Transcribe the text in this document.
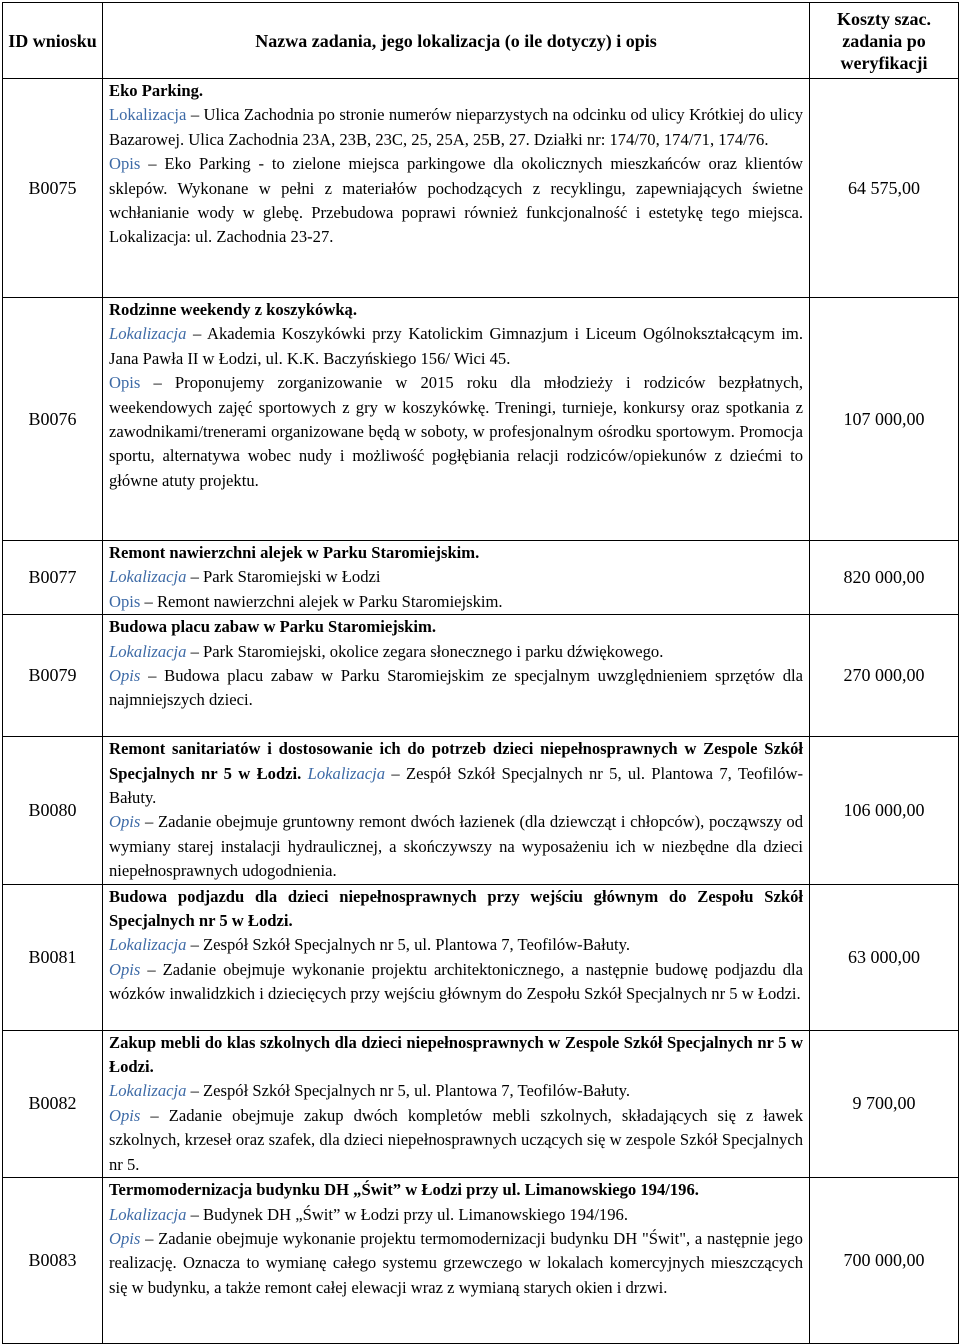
ID wniosku	Nazwa zadania, jego lokalizacja (o ile dotyczy) i opis	Koszty szac. zadania po weryfikacji
B0075	Eko Parking.
Lokalizacja – Ulica Zachodnia po stronie numerów nieparzystych na odcinku od ulicy Krótkiej do ulicy Bazarowej. Ulica Zachodnia 23A, 23B, 23C, 25, 25A, 25B, 27. Działki nr: 174/70, 174/71, 174/76.
Opis – Eko Parking - to zielone miejsca parkingowe dla okolicznych mieszkańców oraz klientów sklepów. Wykonane w pełni z materiałów pochodzących z recyklingu, zapewniających świetne wchłanianie wody w glebę. Przebudowa poprawi również funkcjonalność i estetykę tego miejsca. Lokalizacja: ul. Zachodnia 23-27.	64 575,00
B0076	Rodzinne weekendy z koszykówką.
Lokalizacja – Akademia Koszykówki przy Katolickim Gimnazjum i Liceum Ogólnokształcącym im. Jana Pawła II w Łodzi, ul. K.K. Baczyńskiego 156/ Wici 45.
Opis – Proponujemy zorganizowanie w 2015 roku dla młodzieży i rodziców bezpłatnych, weekendowych zajęć sportowych z gry w koszykówkę. Treningi, turnieje, konkursy oraz spotkania z zawodnikami/trenerami organizowane będą w soboty, w profesjonalnym ośrodku sportowym. Promocja sportu, alternatywa wobec nudy i możliwość pogłębiania relacji rodziców/opiekunów z dziećmi to główne atuty projektu.	107 000,00
B0077	Remont nawierzchni alejek w Parku Staromiejskim.
Lokalizacja – Park Staromiejski w Łodzi
Opis – Remont nawierzchni alejek w Parku Staromiejskim.	820 000,00
B0079	Budowa placu zabaw w Parku Staromiejskim.
Lokalizacja – Park Staromiejski, okolice zegara słonecznego i parku dźwiękowego.
Opis – Budowa placu zabaw w Parku Staromiejskim ze specjalnym uwzględnieniem sprzętów dla najmniejszych dzieci.	270 000,00
B0080	Remont sanitariatów i dostosowanie ich do potrzeb dzieci niepełnosprawnych w Zespole Szkół Specjalnych nr 5 w Łodzi. Lokalizacja – Zespół Szkół Specjalnych nr 5, ul. Plantowa 7, Teofilów-Bałuty.
Opis – Zadanie obejmuje gruntowny remont dwóch łazienek (dla dziewcząt i chłopców), począwszy od wymiany starej instalacji hydraulicznej, a skończywszy na wyposażeniu ich w niezbędne dla dzieci niepełnosprawnych udogodnienia.	106 000,00
B0081	Budowa podjazdu dla dzieci niepełnosprawnych przy wejściu głównym do Zespołu Szkół Specjalnych nr 5 w Łodzi.
Lokalizacja – Zespół Szkół Specjalnych nr 5, ul. Plantowa 7, Teofilów-Bałuty.
Opis – Zadanie obejmuje wykonanie projektu architektonicznego, a następnie budowę podjazdu dla wózków inwalidzkich i dziecięcych przy wejściu głównym do Zespołu Szkół Specjalnych nr 5 w Łodzi.	63 000,00
B0082	Zakup mebli do klas szkolnych dla dzieci niepełnosprawnych w Zespole Szkół Specjalnych nr 5 w Łodzi.
Lokalizacja – Zespół Szkół Specjalnych nr 5, ul. Plantowa 7, Teofilów-Bałuty.
Opis – Zadanie obejmuje zakup dwóch kompletów mebli szkolnych, składających się z ławek szkolnych, krzeseł oraz szafek, dla dzieci niepełnosprawnych uczących się w zespole Szkół Specjalnych nr 5.	9 700,00
B0083	Termomodernizacja budynku DH „Świt” w Łodzi przy ul. Limanowskiego 194/196.
Lokalizacja – Budynek DH „Świt” w Łodzi przy ul. Limanowskiego 194/196.
Opis – Zadanie obejmuje wykonanie projektu termomodernizacji budynku DH "Świt", a następnie jego realizację. Oznacza to wymianę całego systemu grzewczego w lokalach komercyjnych mieszczących się w budynku, a także remont całej elewacji wraz z wymianą starych okien i drzwi.	700 000,00
